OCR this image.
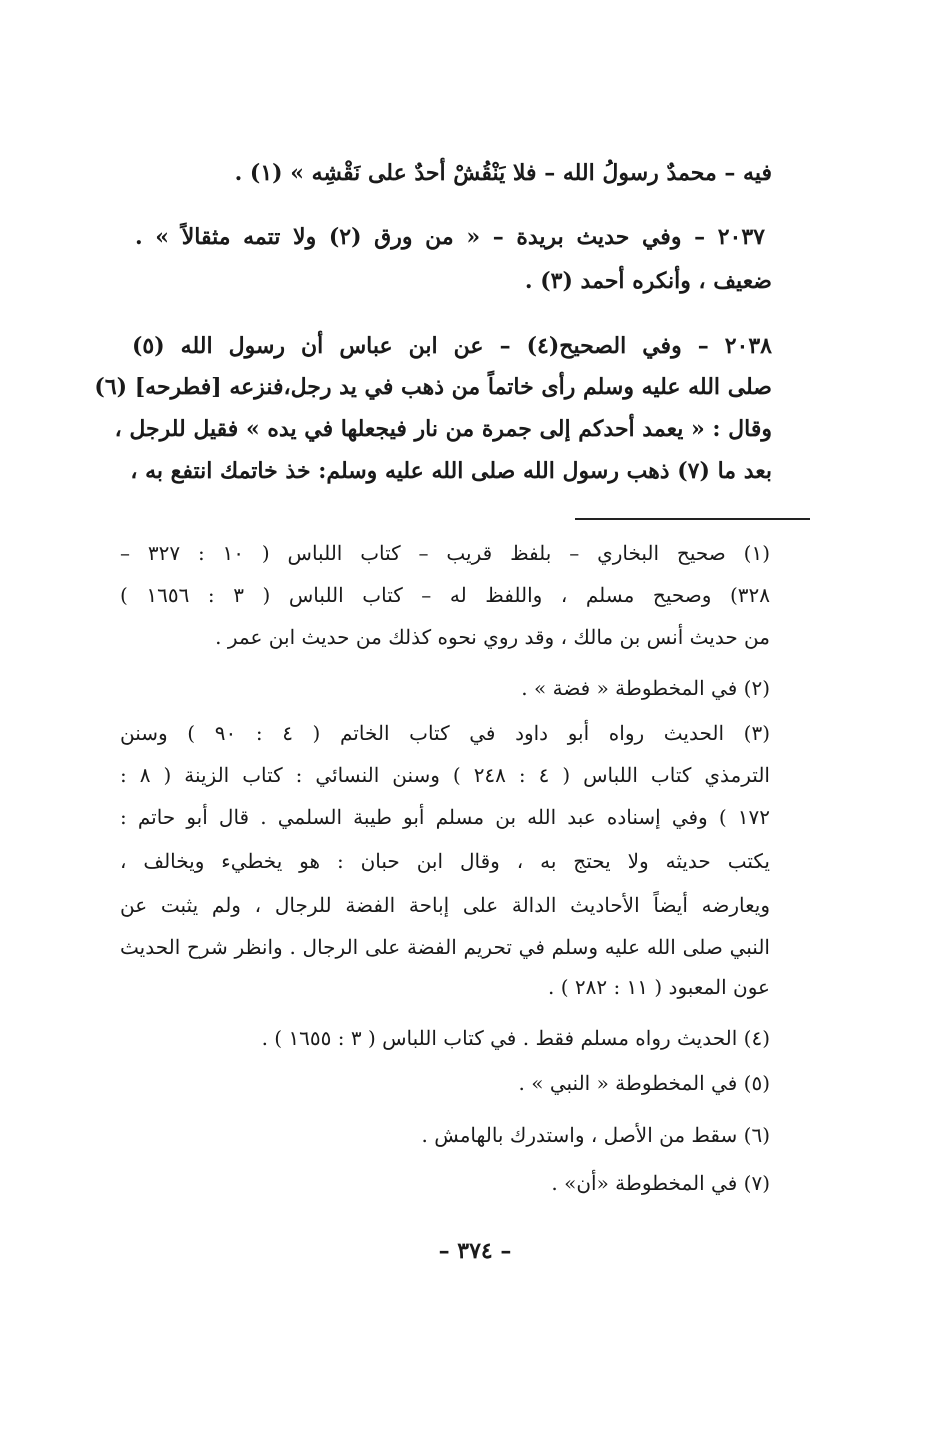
فيه – محمدٌ رسولُ الله – فلا يَنْقُشْ أحدٌ على نَقْشِه » (١) .
٢٠٣٧ – وفي حديث بريدة – « من ورق (٢) ولا تتمه مثقالاً » .
ضعيف ، وأنكره أحمد (٣) .
٢٠٣٨ – وفي الصحيح(٤) – عن ابن عباس أن رسول الله (٥)
صلى الله عليه وسلم رأى خاتماً من ذهب في يد رجل،فنزعه [فطرحه] (٦)
وقال : « يعمد أحدكم إلى جمرة من نار فيجعلها في يده » فقيل للرجل ،
بعد ما (٧) ذهب رسول الله صلى الله عليه وسلم: خذ خاتمك انتفع به ،
(١) صحيح البخاري – بلفظ قريب – كتاب اللباس ( ١٠ : ٣٢٧ –
٣٢٨) وصحيح مسلم ، واللفظ له – كتاب اللباس ( ٣ : ١٦٥٦ )
من حديث أنس بن مالك ، وقد روي نحوه كذلك من حديث ابن عمر .
(٢) في المخطوطة « فضة » .
(٣) الحديث رواه أبو داود في كتاب الخاتم ( ٤ : ٩٠ ) وسنن
الترمذي كتاب اللباس ( ٤ : ٢٤٨ ) وسنن النسائي : كتاب الزينة ( ٨ :
١٧٢ ) وفي إسناده عبد الله بن مسلم أبو طيبة السلمي . قال أبو حاتم :
يكتب حديثه ولا يحتج به ، وقال ابن حبان : هو يخطيء ويخالف ،
ويعارضه أيضاً الأحاديث الدالة على إباحة الفضة للرجال ، ولم يثبت عن
النبي صلى الله عليه وسلم في تحريم الفضة على الرجال . وانظر شرح الحديث
عون المعبود ( ١١ : ٢٨٢ ) .
(٤) الحديث رواه مسلم فقط . في كتاب اللباس ( ٣ : ١٦٥٥ ) .
(٥) في المخطوطة « النبي » .
(٦) سقط من الأصل ، واستدرك بالهامش .
(٧) في المخطوطة «أن» .
– ٣٧٤ –
